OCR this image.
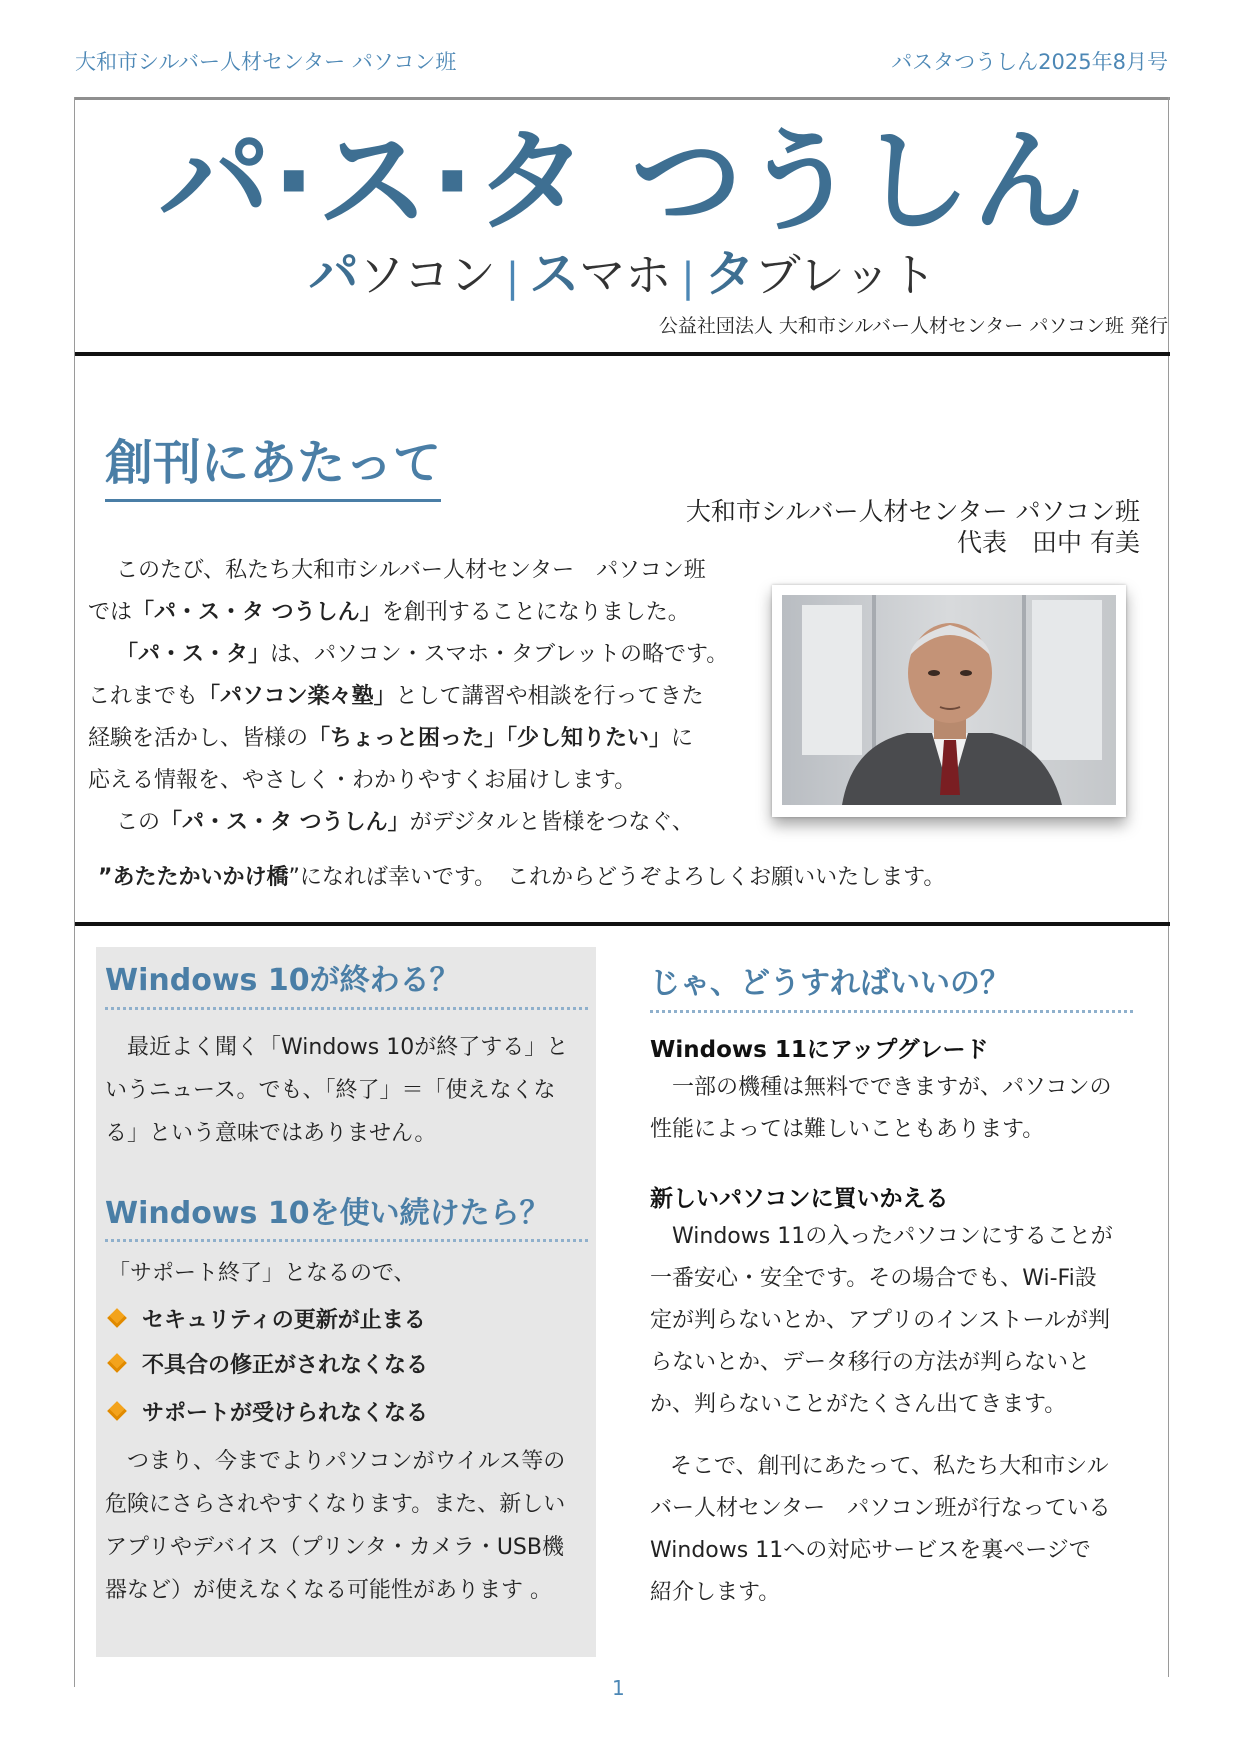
大和市シルバー人材センター パソコン班	パスタつうしん2025年8月号
パ·ス·タ つうしん
パソコン | スマホ | タブレット
公益社団法人 大和市シルバー人材センター パソコン班 発行
創刊にあたって
大和市シルバー人材センター パソコン班
代表　田中 有美

このたび、私たち大和市シルバー人材センター　パソコン班

では「パ・ス・タ つうしん」を創刊することになりました。

「パ・ス・タ」は、パソコン・スマホ・タブレットの略です。

これまでも「パソコン楽々塾」として講習や相談を行ってきた

経験を活かし、皆様の「ちょっと困った」「少し知りたい」に

応える情報を、やさしく・わかりやすくお届けします。

この「パ・ス・タ つうしん」がデジタルと皆様をつなぐ、

”あたたかいかけ橋”になれば幸いです。　これからどうぞよろしくお願いいたします。
Windows 10が終わる？
最近よく聞く「Windows 10が終了する」と
いうニュース。でも、「終了」＝「使えなくな
る」という意味ではありません。
Windows 10を使い続けたら？
「サポート終了」となるので、
セキュリティの更新が止まる
不具合の修正がされなくなる
サポートが受けられなくなる
つまり、今までよりパソコンがウイルス等の
危険にさらされやすくなります。また、新しい
アプリやデバイス（プリンタ・カメラ・USB機
器など）が使えなくなる可能性があります 。
じゃ、どうすればいいの？
Windows 11にアップグレード
一部の機種は無料でできますが、パソコンの
性能によっては難しいこともあります。
新しいパソコンに買いかえる
Windows 11の入ったパソコンにすることが
一番安心・安全です。その場合でも、Wi-Fi設
定が判らないとか、アプリのインストールが判
らないとか、データ移行の方法が判らないと
か、判らないことがたくさん出てきます。
そこで、創刊にあたって、私たち大和市シル
バー人材センター　パソコン班が行なっている
Windows 11への対応サービスを裏ページで
紹介します。
1
